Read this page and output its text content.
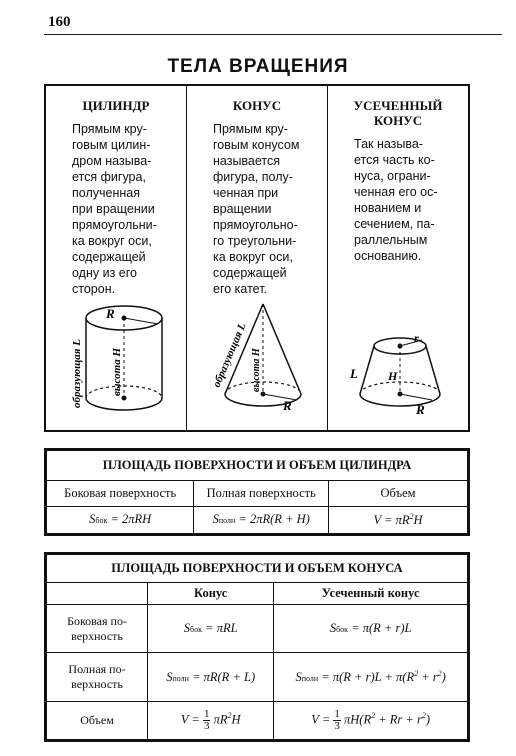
160
ТЕЛА ВРАЩЕНИЯ
ЦИЛИНДР
Прямым кру-
говым цилин-
дром называ-
ется фигура,
полученная
при вращении
прямоугольни-
ка вокруг оси,
содержащей
одну из его
сторон.
R
образующая L	высота H
КОНУС
Прямым кру-
говым конусом
называется
фигура, полу-
ченная при
вращении
прямоугольно-
го треугольни-
ка вокруг оси,
содержащей
его катет.
R
образующая L высота H
УСЕЧЕННЫЙ
КОНУС
Так называ-
ется часть ко-
нуса, ограни-
ченная его ос-
нованием и
сечением, па-
раллельным
основанию.
r
R
L	H
ПЛОЩАДЬ ПОВЕРХНОСТИ И ОБЪЕМ ЦИЛИНДРА		
Боковая поверхность	Полная поверхность	Объем
Sбок = 2πRH	Sполн = 2πR(R + H)	$V = \pi R^2H$
ПЛОЩАДЬ ПОВЕРХНОСТИ И ОБЪЕМ КОНУСА		
	Конус	Усеченный конус
Боковая по-
верхность	Sбок = πRL	Sбок = π(R + r)L
Полная по-
верхность	Sполн = πR(R + L)	Sполн = $\pi(R + r)L + \pi(R^2 + r^2)$
Объем	$V = \frac{1}{3} \pi R^2H$	$V = \frac{1}{3} \pi H(R^2 + Rr + r^2)$
